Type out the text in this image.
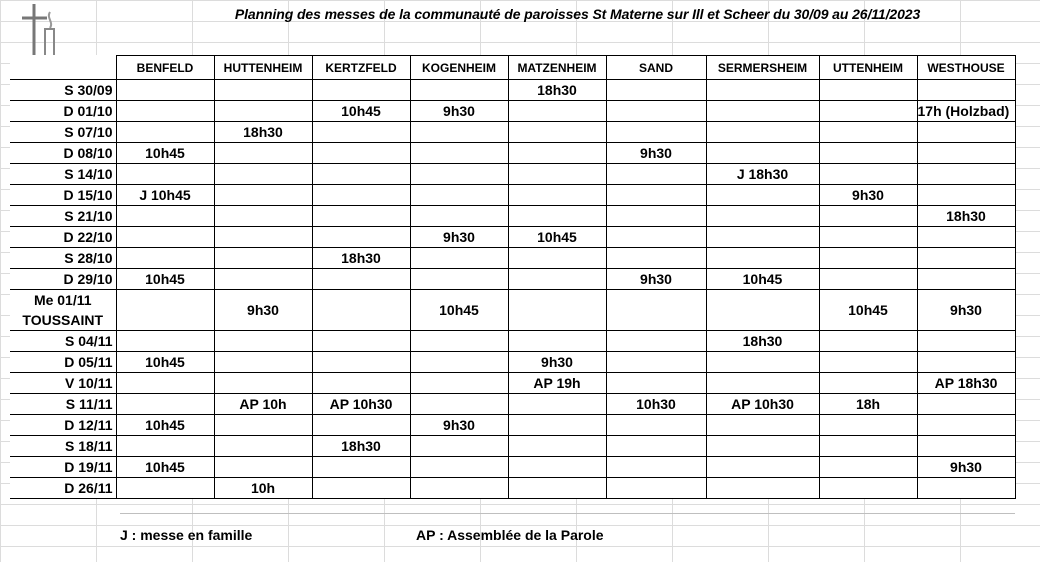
Planning des messes de la communauté de paroisses St Materne sur Ill et Scheer du 30/09 au 26/11/2023
	BENFELD	HUTTENHEIM	KERTZFELD	KOGENHEIM	MATZENHEIM	SAND	SERMERSHEIM	UTTENHEIM	WESTHOUSE
S 30/09					18h30				
D 01/10			10h45	9h30					17h (Holzbad)
S 07/10		18h30							
D 08/10	10h45					9h30			
S 14/10							J 18h30		
D 15/10	J 10h45							9h30	
S 21/10									18h30
D 22/10				9h30	10h45				
S 28/10			18h30						
D 29/10	10h45					9h30	10h45		

Me 01/11
TOUSSAINT		9h30		10h45				10h45	9h30
S 04/11							18h30		
D 05/11	10h45				9h30				
V 10/11					AP 19h				AP 18h30
S 11/11		AP 10h	AP 10h30			10h30	AP 10h30	18h	
D 12/11	10h45			9h30					
S 18/11			18h30						
D 19/11	10h45								9h30
D 26/11		10h							
J : messe en famille	AP : Assemblée de la Parole
